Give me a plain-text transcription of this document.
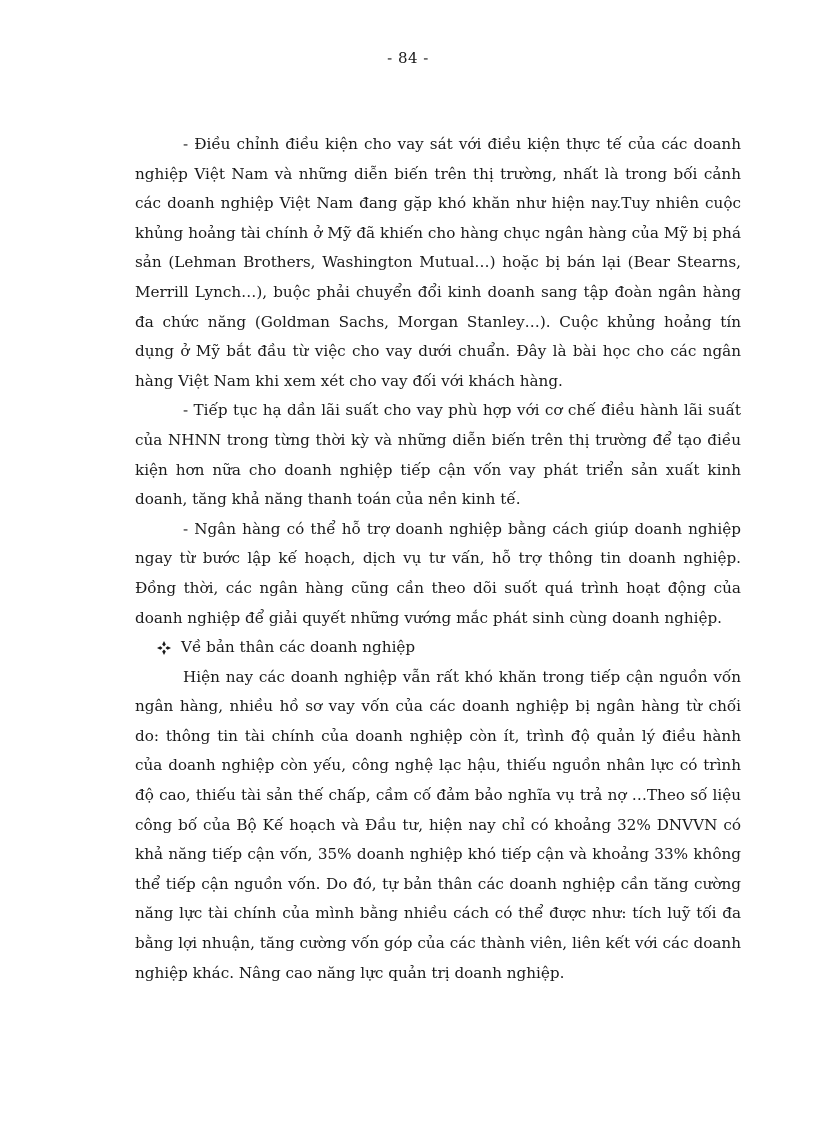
- 84 -

- Điều chỉnh điều kiện cho vay sát với điều kiện thực tế của các doanh nghiệp Việt Nam và những diễn biến trên thị trường, nhất là trong bối cảnh các doanh nghiệp Việt Nam đang gặp khó khăn như hiện nay.Tuy nhiên cuộc khủng hoảng tài chính ở Mỹ đã khiến cho hàng chục ngân hàng của Mỹ bị phá sản (Lehman Brothers, Washington Mutual…) hoặc bị bán lại (Bear Stearns, Merrill Lynch…), buộc phải chuyển đổi kinh doanh sang tập đoàn ngân hàng đa chức năng (Goldman Sachs, Morgan Stanley…). Cuộc khủng hoảng tín dụng ở Mỹ bắt đầu từ việc cho vay dưới chuẩn. Đây là bài học cho các ngân hàng Việt Nam khi xem xét cho vay đối với khách hàng.

- Tiếp tục hạ dần lãi suất cho vay phù hợp với cơ chế điều hành lãi suất của NHNN trong từng thời kỳ và những diễn biến trên thị trường để tạo điều kiện hơn nữa cho doanh nghiệp tiếp cận vốn vay phát triển sản xuất kinh doanh, tăng khả năng thanh toán của nền kinh tế.

- Ngân hàng có thể hỗ trợ doanh nghiệp bằng cách giúp doanh nghiệp ngay từ bước lập kế hoạch, dịch vụ tư vấn, hỗ trợ thông tin doanh nghiệp. Đồng thời, các ngân hàng cũng cần theo dõi suốt quá trình hoạt động của doanh nghiệp để giải quyết những vướng mắc phát sinh cùng doanh nghiệp.

Về bản thân các doanh nghiệp

Hiện nay các doanh nghiệp vẫn rất khó khăn trong tiếp cận nguồn vốn ngân hàng, nhiều hồ sơ vay vốn của các doanh nghiệp bị ngân hàng từ chối do: thông tin tài chính của doanh nghiệp còn ít, trình độ quản lý điều hành của doanh nghiệp còn yếu, công nghệ lạc hậu, thiếu nguồn nhân lực có trình độ cao, thiếu tài sản thế chấp, cầm cố đảm bảo nghĩa vụ trả nợ …Theo số liệu công bố của Bộ Kế hoạch và Đầu tư, hiện nay chỉ có khoảng 32% DNVVN có khả năng tiếp cận vốn, 35% doanh nghiệp khó tiếp cận và khoảng 33% không thể tiếp cận nguồn vốn. Do đó, tự bản thân các doanh nghiệp cần tăng cường năng lực tài chính của mình bằng nhiều cách có thể được như: tích luỹ tối đa bằng lợi nhuận, tăng cường vốn góp của các thành viên, liên kết với các doanh nghiệp khác. Nâng cao năng lực quản trị doanh nghiệp.
